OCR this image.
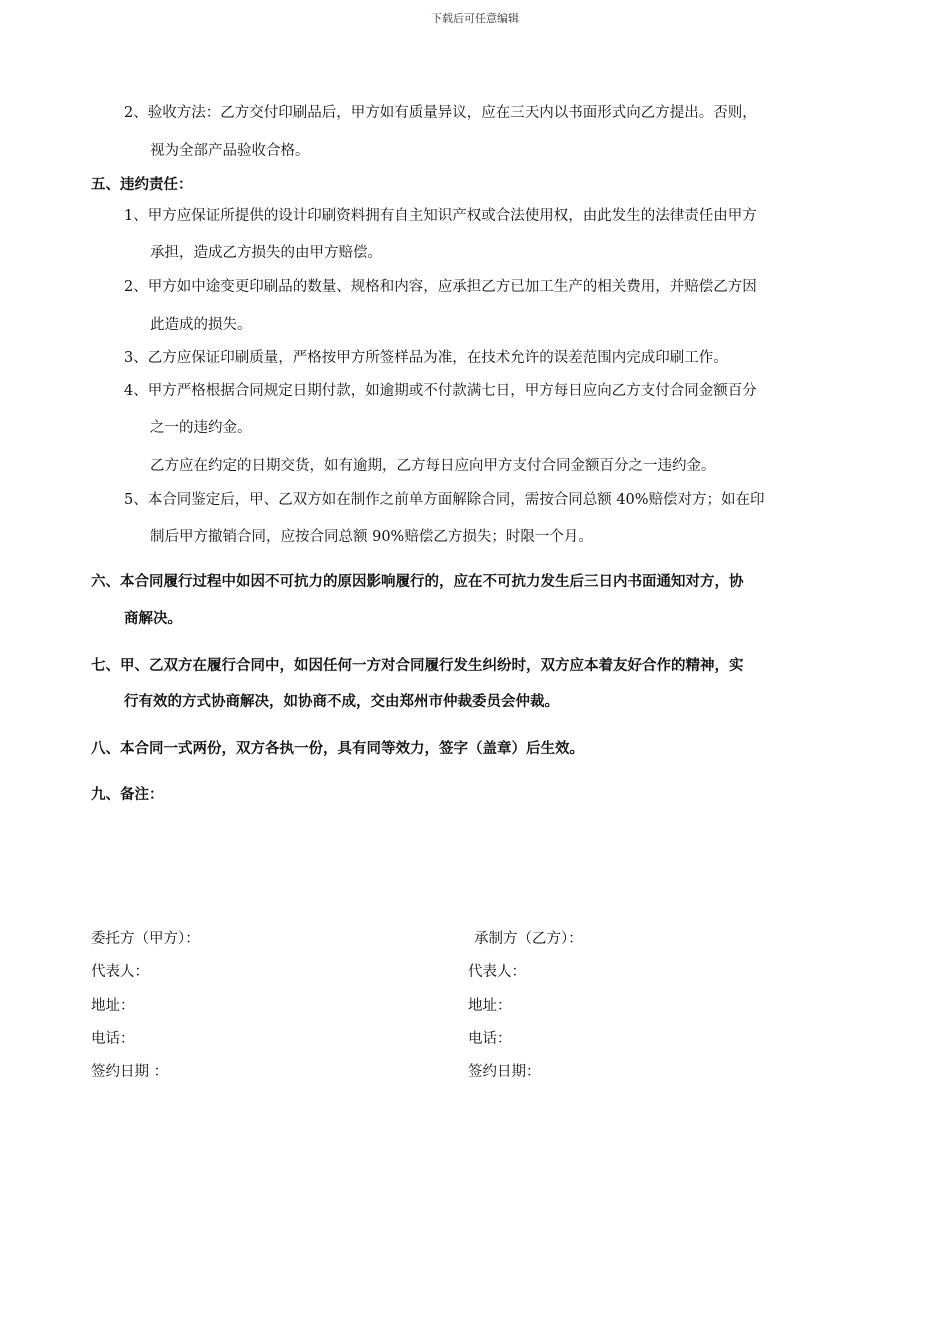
下载后可任意编辑
2、验收方法：乙方交付印刷品后，甲方如有质量异议，应在三天内以书面形式向乙方提出。否则，
视为全部产品验收合格。
五、违约责任：
1、甲方应保证所提供的设计印刷资料拥有自主知识产权或合法使用权，由此发生的法律责任由甲方
承担，造成乙方损失的由甲方赔偿。
2、甲方如中途变更印刷品的数量、规格和内容，应承担乙方已加工生产的相关费用，并赔偿乙方因
此造成的损失。
3、乙方应保证印刷质量，严格按甲方所签样品为准，在技术允许的误差范围内完成印刷工作。
4、甲方严格根据合同规定日期付款，如逾期或不付款满七日，甲方每日应向乙方支付合同金额百分
之一的违约金。
乙方应在约定的日期交货，如有逾期，乙方每日应向甲方支付合同金额百分之一违约金。
5、本合同鉴定后，甲、乙双方如在制作之前单方面解除合同，需按合同总额 40%赔偿对方；如在印
制后甲方撤销合同，应按合同总额 90%赔偿乙方损失；时限一个月。
六、本合同履行过程中如因不可抗力的原因影响履行的，应在不可抗力发生后三日内书面通知对方，协
商解决。
七、甲、乙双方在履行合同中，如因任何一方对合同履行发生纠纷时，双方应本着友好合作的精神，实
行有效的方式协商解决，如协商不成，交由郑州市仲裁委员会仲裁。
八、本合同一式两份，双方各执一份，具有同等效力，签字（盖章）后生效。
九、备注：
委托方（甲方）：
代表人：
地址：
电话：
签约日期 ：
承制方（乙方）：
代表人：
地址：
电话：
签约日期：
